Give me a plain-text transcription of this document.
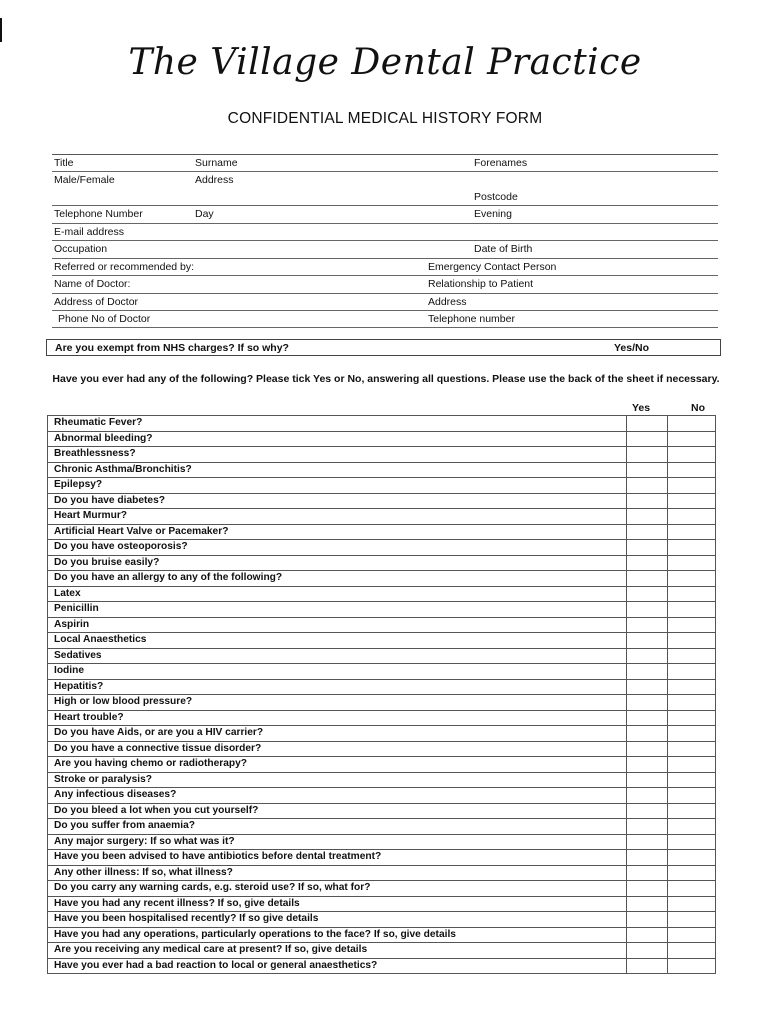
The Village Dental Practice
CONFIDENTIAL MEDICAL HISTORY FORM
Title	Surname	Forenames
Male/Female	Address
Postcode
Telephone Number	Day	Evening
E-mail address
Occupation	Date of Birth
Referred or recommended by:	Emergency Contact Person
Name of Doctor:	Relationship to Patient
Address of Doctor	Address
Phone No of Doctor	Telephone number
Are you exempt from NHS charges? If so why?	Yes/No
Have you ever had any of the following? Please tick Yes or No, answering all questions. Please use the back of the sheet if necessary.
Yes	No
Rheumatic Fever?		
Abnormal bleeding?		
Breathlessness?		
Chronic Asthma/Bronchitis?		
Epilepsy?		
Do you have diabetes?		
Heart Murmur?		
Artificial Heart Valve or Pacemaker?		
Do you have osteoporosis?		
Do you bruise easily?		
Do you have an allergy to any of the following?		
Latex		
Penicillin		
Aspirin		
Local Anaesthetics		
Sedatives		
Iodine		
Hepatitis?		
High or low blood pressure?		
Heart trouble?		
Do you have Aids, or are you a HIV carrier?		
Do you have a connective tissue disorder?		
Are you having chemo or radiotherapy?		
Stroke or paralysis?		
Any infectious diseases?		
Do you bleed a lot when you cut yourself?		
Do you suffer from anaemia?		
Any major surgery: If so what was it?		
Have you been advised to have antibiotics before dental treatment?		
Any other illness: If so, what illness?		
Do you carry any warning cards, e.g. steroid use? If so, what for?		
Have you had any recent illness? If so, give details		
Have you been hospitalised recently? If so give details		
Have you had any operations, particularly operations to the face? If so, give details		
Are you receiving any medical care at present? If so, give details		
Have you ever had a bad reaction to local or general anaesthetics?		
